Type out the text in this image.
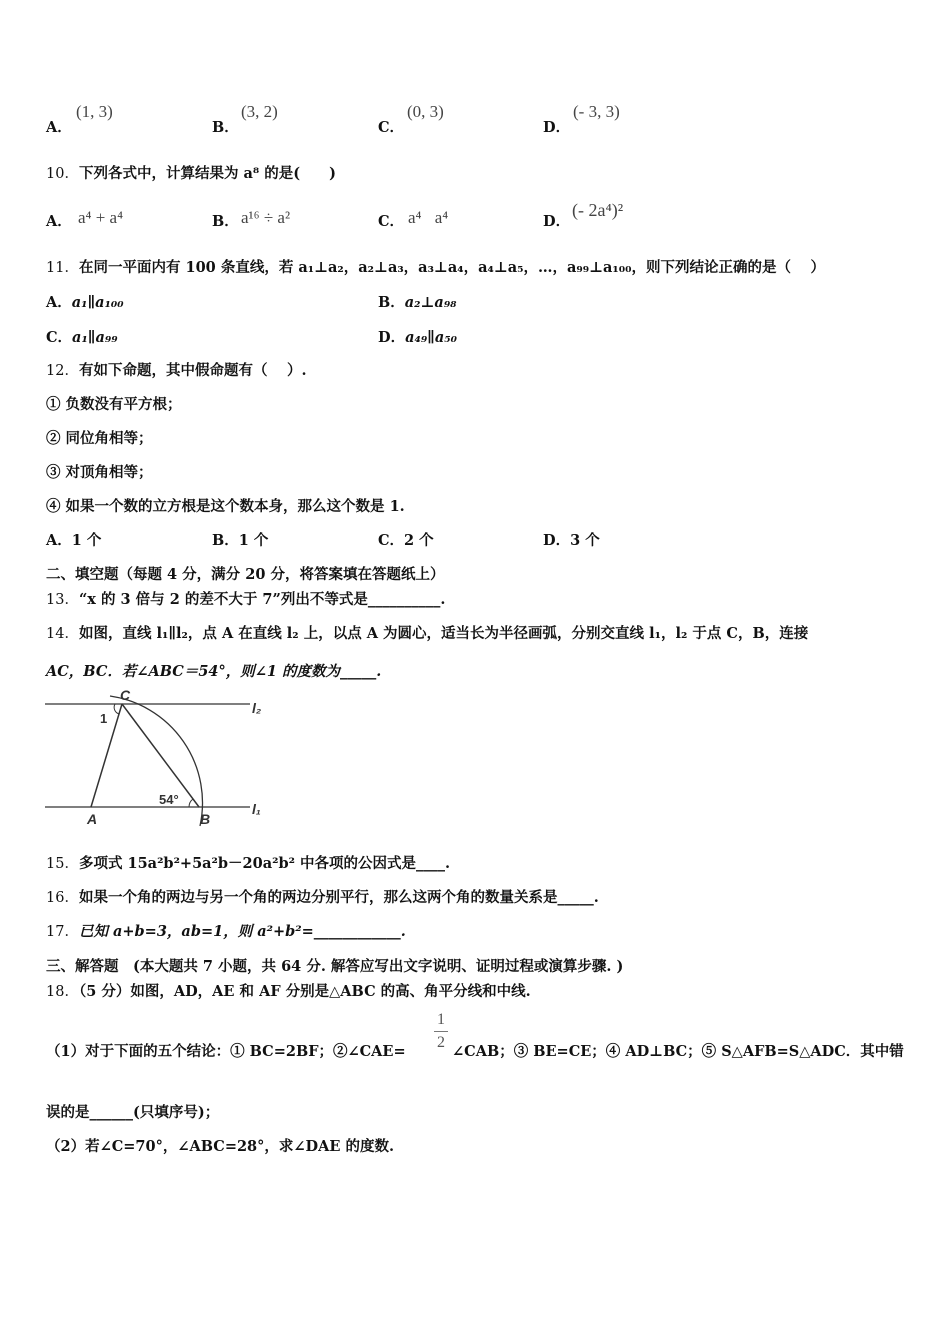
A．
(1, 3)
B．
(3, 2)
C．
(0, 3)
D．
(- 3, 3)
10．下列各式中，计算结果为 a⁸ 的是(　　)
A． a⁴ + a⁴	B． a¹⁶ ÷ a²	C． a⁴⃞a⁴	D．
(- 2a⁴)²
11．在同一平面内有 100 条直线，若 a₁⊥a₂，a₂⊥a₃，a₃⊥a₄，a₄⊥a₅，…，a₉₉⊥a₁₀₀，则下列结论正确的是（　 ）
A．a₁∥a₁₀₀	B．a₂⊥a₉₈
C．a₁∥a₉₉	D．a₄₉∥a₅₀
12．有如下命题，其中假命题有（　 ）.
① 负数没有平方根；
② 同位角相等；
③ 对顶角相等；
④ 如果一个数的立方根是这个数本身，那么这个数是 1.
A．1 个	B．1 个	C．2 个	D．3 个
二、填空题（每题 4 分，满分 20 分，将答案填在答题纸上）
13．“x 的 3 倍与 2 的差不大于 7”列出不等式是__________.
14．如图，直线 l₁∥l₂，点 A 在直线 l₂ 上，以点 A 为圆心，适当长为半径画弧，分别交直线 l₁，l₂ 于点 C，B，连接
AC，BC．若∠ABC＝54°，则∠1 的度数为_____.
C
A	B
l₁
l₂
1
54°
15．多项式 15a²b²+5a²b－20a²b² 中各项的公因式是____.
16．如果一个角的两边与另一个角的两边分别平行，那么这两个角的数量关系是_____.
17．已知 a+b=3，ab=1，则 a²+b²=____________.
三、解答题　(本大题共 7 小题，共 64 分. 解答应写出文字说明、证明过程或演算步骤. )
18．（5 分）如图，AD，AE 和 AF 分别是△ABC 的高、角平分线和中线.
（1）对于下面的五个结论：① BC=2BF；②∠CAE=
1
2
∠CAB；③ BE=CE；④ AD⊥BC；⑤ S△AFB=S△ADC．其中错
误的是______(只填序号)；
（2）若∠C=70°，∠ABC=28°，求∠DAE 的度数.
